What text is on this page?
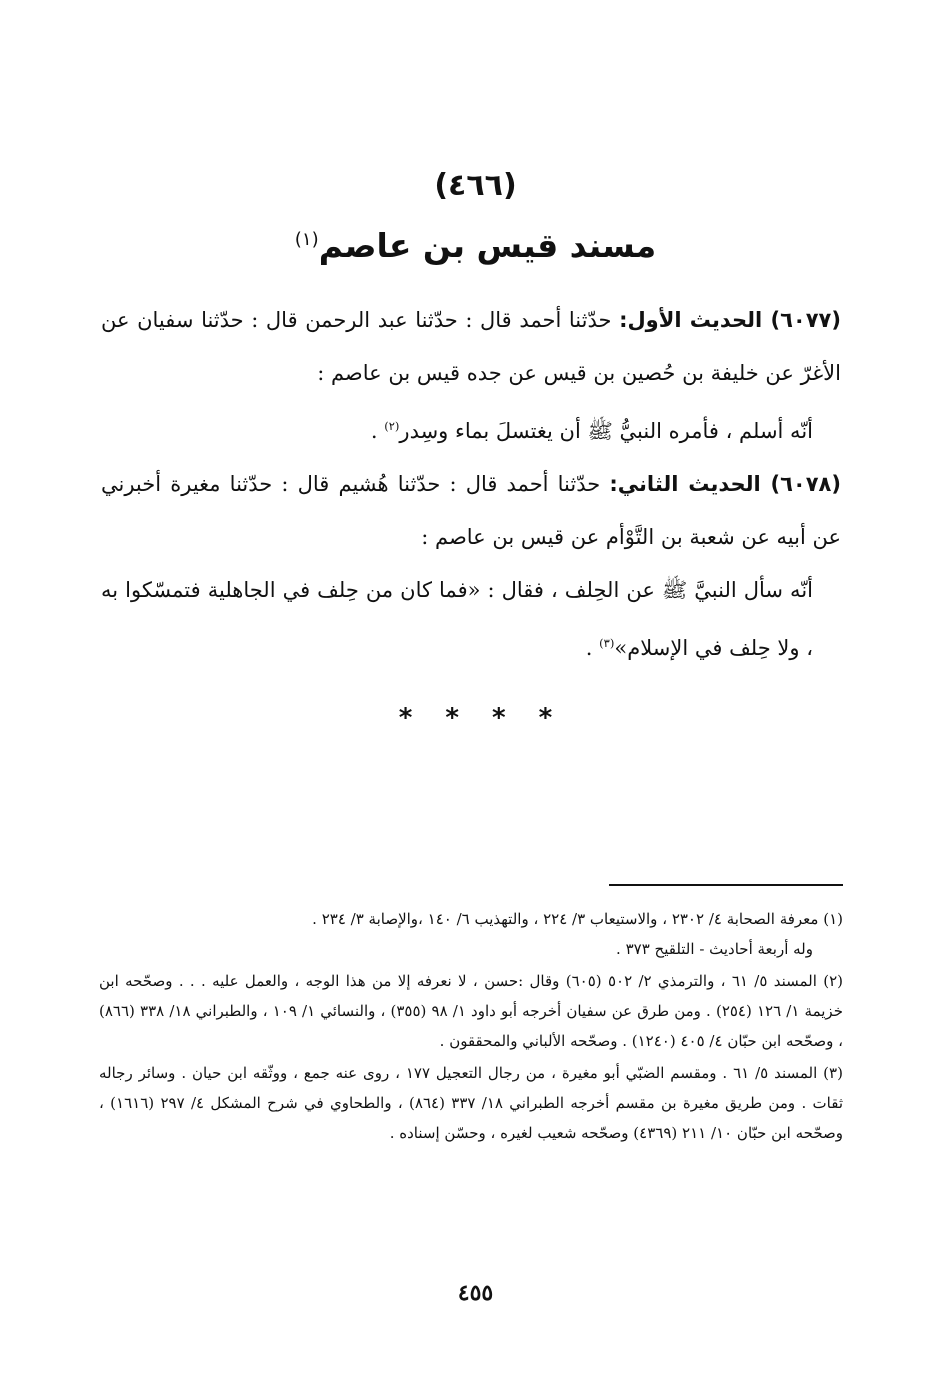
(٤٦٦)
مسند قيس بن عاصم$^{(١)}$

(٦٠٧٧) الحديث الأول: حدّثنا أحمد قال : حدّثنا عبد الرحمن قال : حدّثنا سفيان عن الأغرّ عن خليفة بن حُصين بن قيس عن جده قيس بن عاصم :

أنّه أسلم ، فأمره النبيُّ ﷺ أن يغتسلَ بماء وسِدر$^{(٢)}$ .

(٦٠٧٨) الحديث الثاني: حدّثنا أحمد قال : حدّثنا هُشيم قال : حدّثنا مغيرة أخبرني عن أبيه عن شعبة بن التَّوْأم عن قيس بن عاصم :

أنّه سأل النبيَّ ﷺ عن الحِلف ، فقال : «فما كان من حِلف في الجاهلية فتمسّكوا به ، ولا حِلف في الإسلام»$^{(٣)}$ .

* * * *

(١) معرفة الصحابة ٤/ ٢٣٠٢ ، والاستيعاب ٣/ ٢٢٤ ، والتهذيب ٦/ ١٤٠ ،والإصابة ٣/ ٢٣٤ .
وله أربعة أحاديث - التلقيح ٣٧٣ .

(٢) المسند ٥/ ٦١ ، والترمذي ٢/ ٥٠٢ (٦٠٥) وقال :حسن ، لا نعرفه إلا من هذا الوجه ، والعمل عليه . . . وصحّحه ابن خزيمة ١/ ١٢٦ (٢٥٤) . ومن طرق عن سفيان أخرجه أبو داود ١/ ٩٨ (٣٥٥) ، والنسائي ١/ ١٠٩ ، والطبراني ١٨/ ٣٣٨ (٨٦٦) ، وصحّحه ابن حبّان ٤/ ٤٠٥ (١٢٤٠) . وصحّحه الألباني والمحققون .

(٣) المسند ٥/ ٦١ . ومقسم الضبّي أبو مغيرة ، من رجال التعجيل ١٧٧ ، روى عنه جمع ، ووثّقه ابن حيان . وسائر رجاله ثقات . ومن طريق مغيرة بن مقسم أخرجه الطبراني ١٨/ ٣٣٧ (٨٦٤) ، والطحاوي في شرح المشكل ٤/ ٢٩٧ (١٦١٦) ، وصحّحه ابن حبّان ١٠/ ٢١١ (٤٣٦٩) وصحّحه شعيب لغيره ، وحسّن إسناده .

٤٥٥
